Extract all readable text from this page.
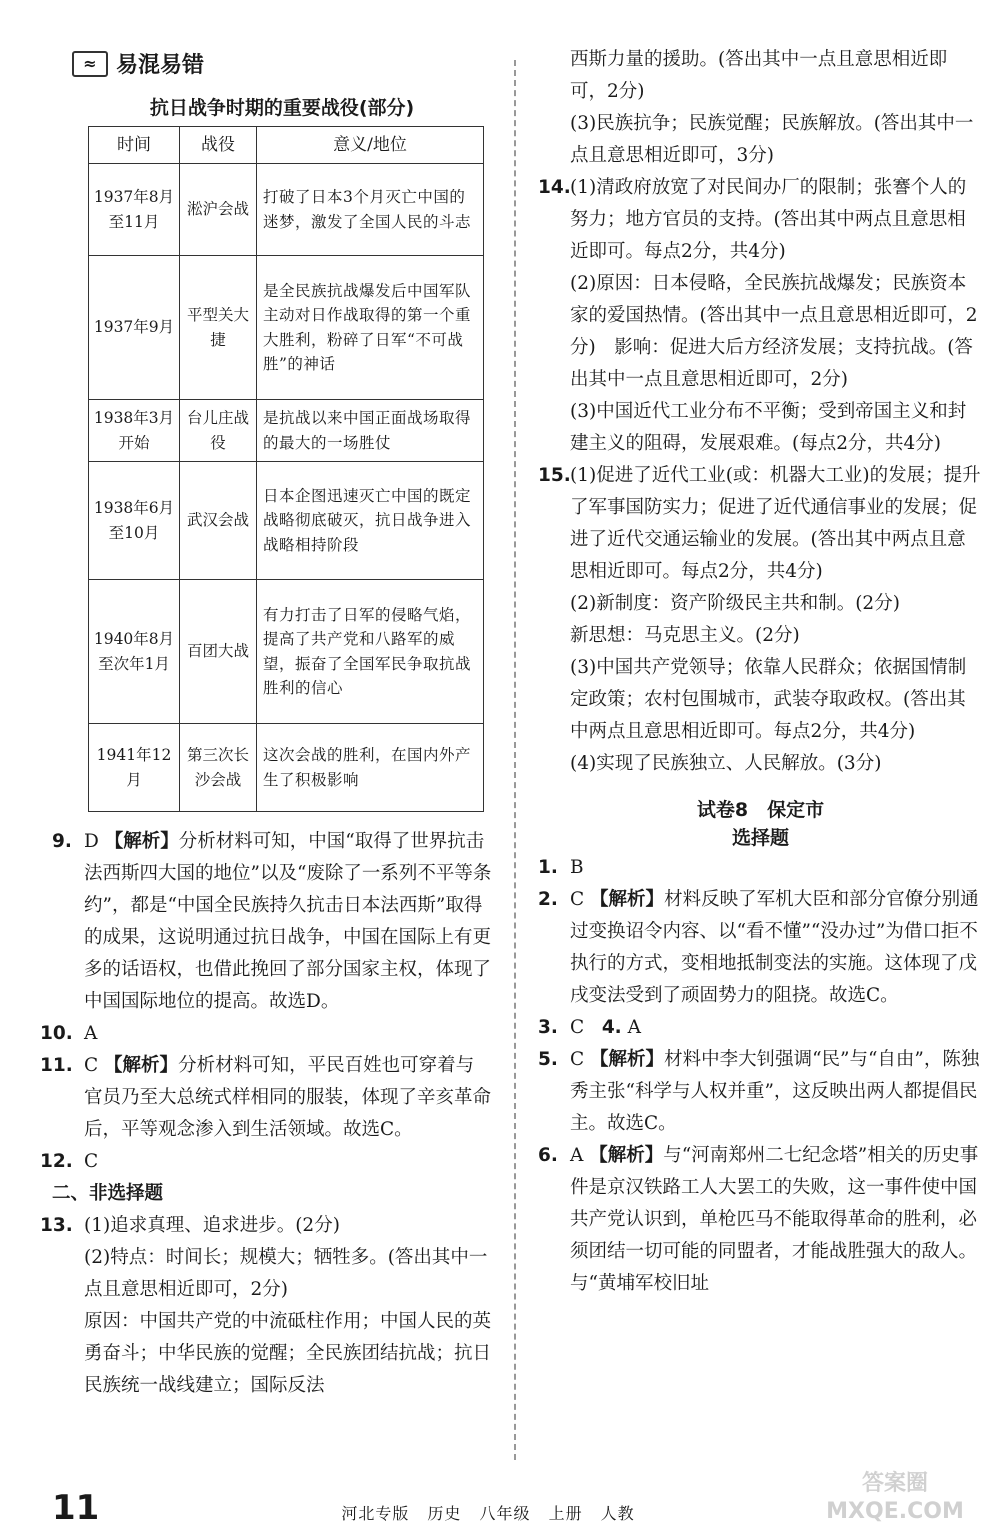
≈ 易混易错
抗日战争时期的重要战役(部分)
时间	战役	意义/地位
1937年8月至11月	淞沪会战	打破了日本3个月灭亡中国的迷梦，激发了全国人民的斗志
1937年9月	平型关大捷	是全民族抗战爆发后中国军队主动对日作战取得的第一个重大胜利，粉碎了日军“不可战胜”的神话
1938年3月开始	台儿庄战役	是抗战以来中国正面战场取得的最大的一场胜仗
1938年6月至10月	武汉会战	日本企图迅速灭亡中国的既定战略彻底破灭，抗日战争进入战略相持阶段
1940年8月至次年1月	百团大战	有力打击了日军的侵略气焰，提高了共产党和八路军的威望，振奋了全国军民争取抗战胜利的信心
1941年12月	第三次长沙会战	这次会战的胜利，在国内外产生了积极影响
9. D 【解析】分析材料可知，中国“取得了世界抗击法西斯四大国的地位”以及“废除了一系列不平等条约”，都是“中国全民族持久抗击日本法西斯”取得的成果，这说明通过抗日战争，中国在国际上有更多的话语权，也借此挽回了部分国家主权，体现了中国国际地位的提高。故选D。
10. A
11. C 【解析】分析材料可知，平民百姓也可穿着与官员乃至大总统式样相同的服装，体现了辛亥革命后，平等观念渗入到生活领域。故选C。
12. C
二、非选择题
13. (1)追求真理、追求进步。(2分)
(2)特点：时间长；规模大；牺牲多。(答出其中一点且意思相近即可，2分)
原因：中国共产党的中流砥柱作用；中国人民的英勇奋斗；中华民族的觉醒；全民族团结抗战；抗日民族统一战线建立；国际反法
西斯力量的援助。(答出其中一点且意思相近即可，2分)
(3)民族抗争；民族觉醒；民族解放。(答出其中一点且意思相近即可，3分)
14. (1)清政府放宽了对民间办厂的限制；张謇个人的努力；地方官员的支持。(答出其中两点且意思相近即可。每点2分，共4分)
(2)原因：日本侵略，全民族抗战爆发；民族资本家的爱国热情。(答出其中一点且意思相近即可，2分)　影响：促进大后方经济发展；支持抗战。(答出其中一点且意思相近即可，2分)
(3)中国近代工业分布不平衡；受到帝国主义和封建主义的阻碍，发展艰难。(每点2分，共4分)
15. (1)促进了近代工业(或：机器大工业)的发展；提升了军事国防实力；促进了近代通信事业的发展；促进了近代交通运输业的发展。(答出其中两点且意思相近即可。每点2分，共4分)
(2)新制度：资产阶级民主共和制。(2分)
新思想：马克思主义。(2分)
(3)中国共产党领导；依靠人民群众；依据国情制定政策；农村包围城市，武装夺取政权。(答出其中两点且意思相近即可。每点2分，共4分)
(4)实现了民族独立、人民解放。(3分)
试卷8　保定市
选择题
1. B
2. C 【解析】材料反映了军机大臣和部分官僚分别通过变换诏令内容、以“看不懂”“没办过”为借口拒不执行的方式，变相地抵制变法的实施。这体现了戊戌变法受到了顽固势力的阻挠。故选C。
3. C 4. A
5. C 【解析】材料中李大钊强调“民”与“自由”，陈独秀主张“科学与人权并重”，这反映出两人都提倡民主。故选C。
6. A 【解析】与“河南郑州二七纪念塔”相关的历史事件是京汉铁路工人大罢工的失败，这一事件使中国共产党认识到，单枪匹马不能取得革命的胜利，必须团结一切可能的同盟者，才能战胜强大的敌人。与“黄埔军校旧址
11	河北专版 历史 八年级 上册 人教
答案圈 MXQE.COM
